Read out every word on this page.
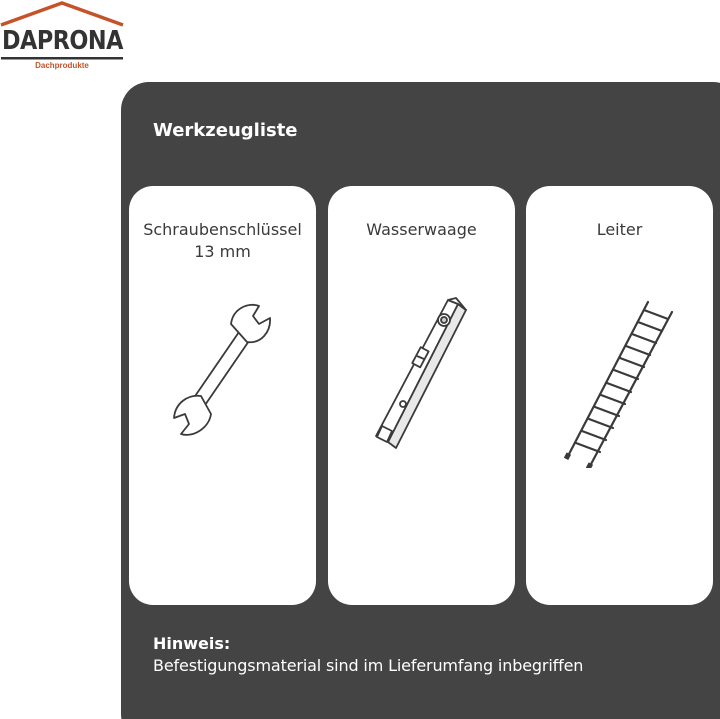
DAPRONA
Dachprodukte
Werkzeugliste
Schraubenschlüssel
13 mm
Wasserwaage	Leiter
Hinweis:
Befestigungsmaterial sind im Lieferumfang inbegriffen
